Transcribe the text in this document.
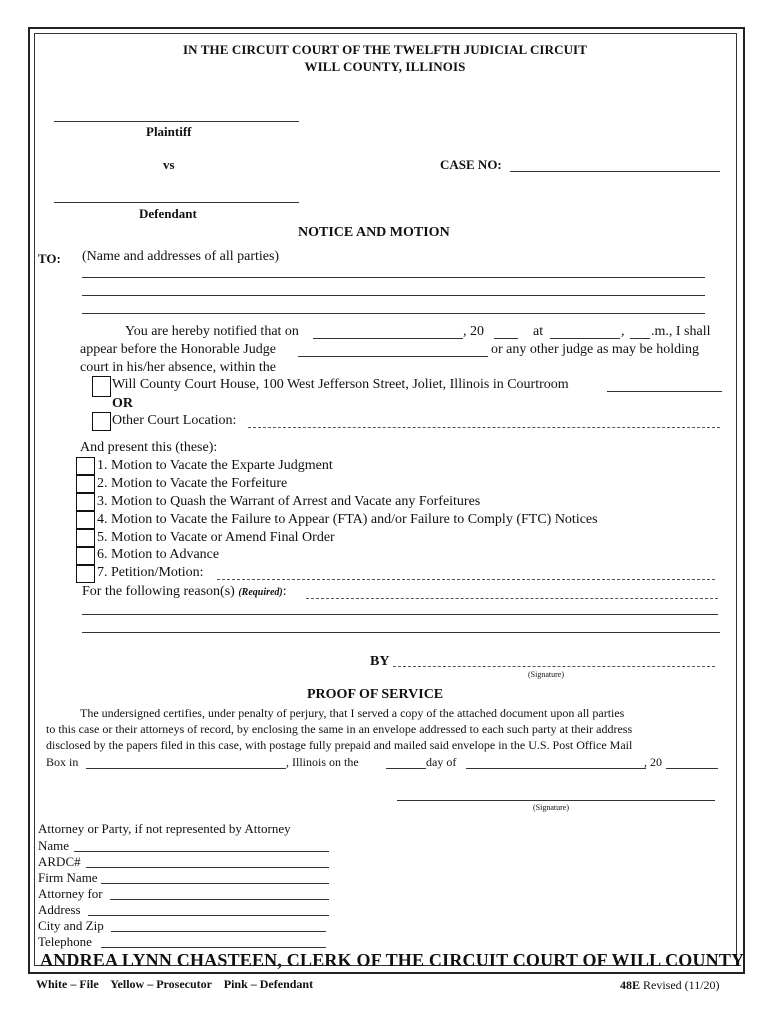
IN THE CIRCUIT COURT OF THE TWELFTH JUDICIAL CIRCUIT
WILL COUNTY, ILLINOIS
Plaintiff
vs	CASE NO:
Defendant
NOTICE AND MOTION
TO: (Name and addresses of all parties)
You are hereby notified that on	, 20	at	, .m., I shall
appear before the Honorable Judge	or any other judge as may be holding
court in his/her absence, within the
Will County Court House, 100 West Jefferson Street, Joliet, Illinois in Courtroom
OR
Other Court Location:
And present this (these):
1. Motion to Vacate the Exparte Judgment
2. Motion to Vacate the Forfeiture
3. Motion to Quash the Warrant of Arrest and Vacate any Forfeitures
4. Motion to Vacate the Failure to Appear (FTA) and/or Failure to Comply (FTC) Notices
5. Motion to Vacate or Amend Final Order
6. Motion to Advance
7. Petition/Motion:
For the following reason(s) (Required):
BY
(Signature)
PROOF OF SERVICE
The undersigned certifies, under penalty of perjury, that I served a copy of the attached document upon all parties
to this case or their attorneys of record, by enclosing the same in an envelope addressed to each such party at their address
disclosed by the papers filed in this case, with postage fully prepaid and mailed said envelope in the U.S. Post Office Mail
Box in	, Illinois on the	day of	, 20
(Signature)
Attorney or Party, if not represented by Attorney
Name
ARDC#
Firm Name
Attorney for
Address
City and Zip
Telephone
ANDREA LYNN CHASTEEN, CLERK OF THE CIRCUIT COURT OF WILL COUNTY
White – File    Yellow – Prosecutor    Pink – Defendant	48E Revised (11/20)
